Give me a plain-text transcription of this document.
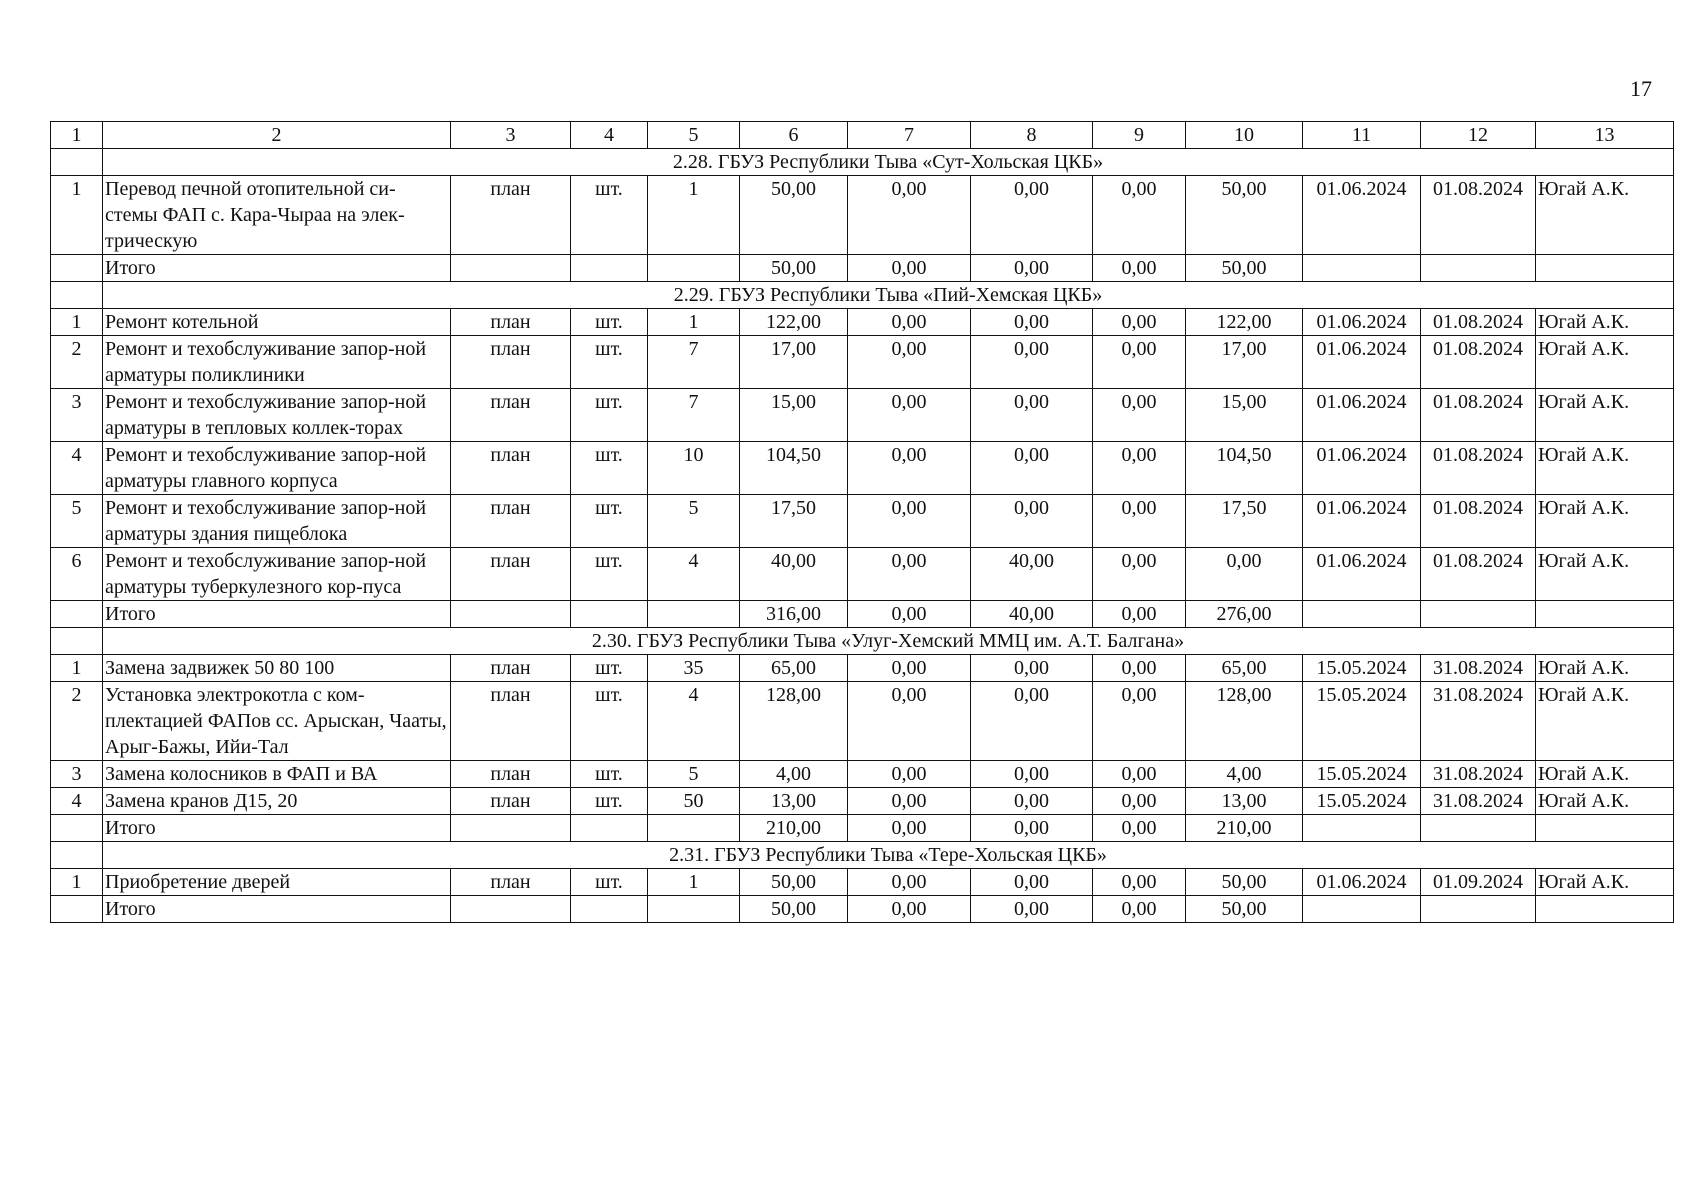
17
1	2	3	4	5	6	7	8	9	10	11	12	13
	2.28. ГБУЗ Республики Тыва «Сут-Хольская ЦКБ»											
1	Перевод печной отопительной си-стемы ФАП с. Кара-Чыраа на элек-трическую	план	шт.	1	50,00	0,00	0,00	0,00	50,00	01.06.2024	01.08.2024	Югай А.К.
	Итого				50,00	0,00	0,00	0,00	50,00			
	2.29. ГБУЗ Республики Тыва «Пий-Хемская ЦКБ»											
1	Ремонт котельной	план	шт.	1	122,00	0,00	0,00	0,00	122,00	01.06.2024	01.08.2024	Югай А.К.
2	Ремонт и техобслуживание запор-ной арматуры поликлиники	план	шт.	7	17,00	0,00	0,00	0,00	17,00	01.06.2024	01.08.2024	Югай А.К.
3	Ремонт и техобслуживание запор-ной арматуры в тепловых коллек-торах	план	шт.	7	15,00	0,00	0,00	0,00	15,00	01.06.2024	01.08.2024	Югай А.К.
4	Ремонт и техобслуживание запор-ной арматуры главного корпуса	план	шт.	10	104,50	0,00	0,00	0,00	104,50	01.06.2024	01.08.2024	Югай А.К.
5	Ремонт и техобслуживание запор-ной арматуры здания пищеблока	план	шт.	5	17,50	0,00	0,00	0,00	17,50	01.06.2024	01.08.2024	Югай А.К.
6	Ремонт и техобслуживание запор-ной арматуры туберкулезного кор-пуса	план	шт.	4	40,00	0,00	40,00	0,00	0,00	01.06.2024	01.08.2024	Югай А.К.
	Итого				316,00	0,00	40,00	0,00	276,00			
	2.30. ГБУЗ Республики Тыва «Улуг-Хемский ММЦ им. А.Т. Балгана»											
1	Замена задвижек 50 80 100	план	шт.	35	65,00	0,00	0,00	0,00	65,00	15.05.2024	31.08.2024	Югай А.К.
2	Установка электрокотла с ком-плектацией ФАПов сс. Арыскан, Чааты, Арыг-Бажы, Ийи-Тал	план	шт.	4	128,00	0,00	0,00	0,00	128,00	15.05.2024	31.08.2024	Югай А.К.
3	Замена колосников в ФАП и ВА	план	шт.	5	4,00	0,00	0,00	0,00	4,00	15.05.2024	31.08.2024	Югай А.К.
4	Замена кранов Д15, 20	план	шт.	50	13,00	0,00	0,00	0,00	13,00	15.05.2024	31.08.2024	Югай А.К.
	Итого				210,00	0,00	0,00	0,00	210,00			
	2.31. ГБУЗ Республики Тыва «Тере-Хольская ЦКБ»											
1	Приобретение дверей	план	шт.	1	50,00	0,00	0,00	0,00	50,00	01.06.2024	01.09.2024	Югай А.К.
	Итого				50,00	0,00	0,00	0,00	50,00			
